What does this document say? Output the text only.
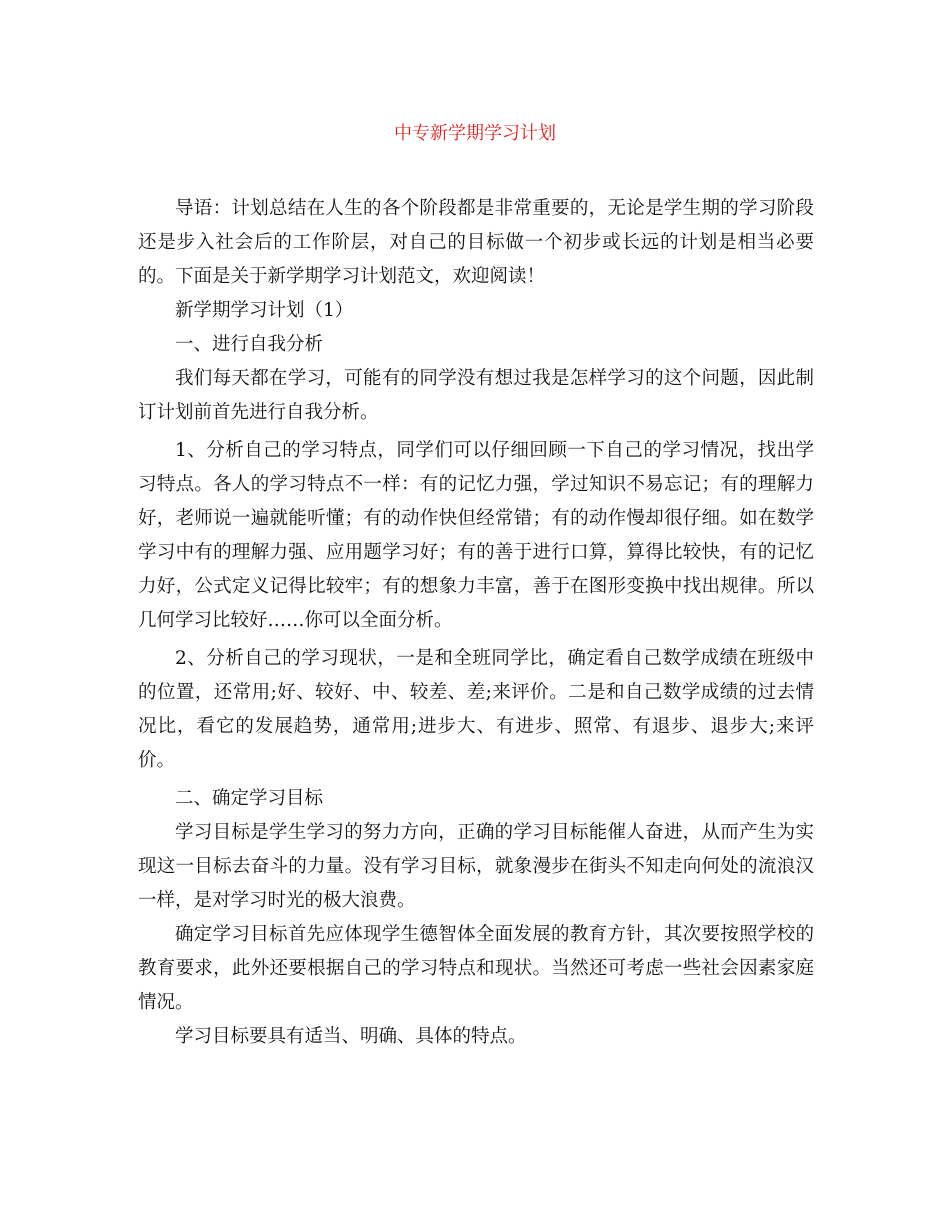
中专新学期学习计划

导语：计划总结在人生的各个阶段都是非常重要的，无论是学生期的学习阶段还是步入社会后的工作阶层，对自己的目标做一个初步或长远的计划是相当必要的。下面是关于新学期学习计划范文，欢迎阅读！

新学期学习计划（1）

一、进行自我分析

我们每天都在学习，可能有的同学没有想过我是怎样学习的这个问题，因此制订计划前首先进行自我分析。

1、分析自己的学习特点，同学们可以仔细回顾一下自己的学习情况，找出学习特点。各人的学习特点不一样：有的记忆力强，学过知识不易忘记；有的理解力好，老师说一遍就能听懂；有的动作快但经常错；有的动作慢却很仔细。如在数学学习中有的理解力强、应用题学习好；有的善于进行口算，算得比较快，有的记忆力好，公式定义记得比较牢；有的想象力丰富，善于在图形变换中找出规律。所以几何学习比较好……你可以全面分析。

2、分析自己的学习现状，一是和全班同学比，确定看自己数学成绩在班级中的位置，还常用;好、较好、中、较差、差;来评价。二是和自己数学成绩的过去情况比，看它的发展趋势，通常用;进步大、有进步、照常、有退步、退步大;来评价。

二、确定学习目标

学习目标是学生学习的努力方向，正确的学习目标能催人奋进，从而产生为实现这一目标去奋斗的力量。没有学习目标，就象漫步在街头不知走向何处的流浪汉一样，是对学习时光的极大浪费。

确定学习目标首先应体现学生德智体全面发展的教育方针，其次要按照学校的教育要求，此外还要根据自己的学习特点和现状。当然还可考虑一些社会因素家庭情况。

学习目标要具有适当、明确、具体的特点。
